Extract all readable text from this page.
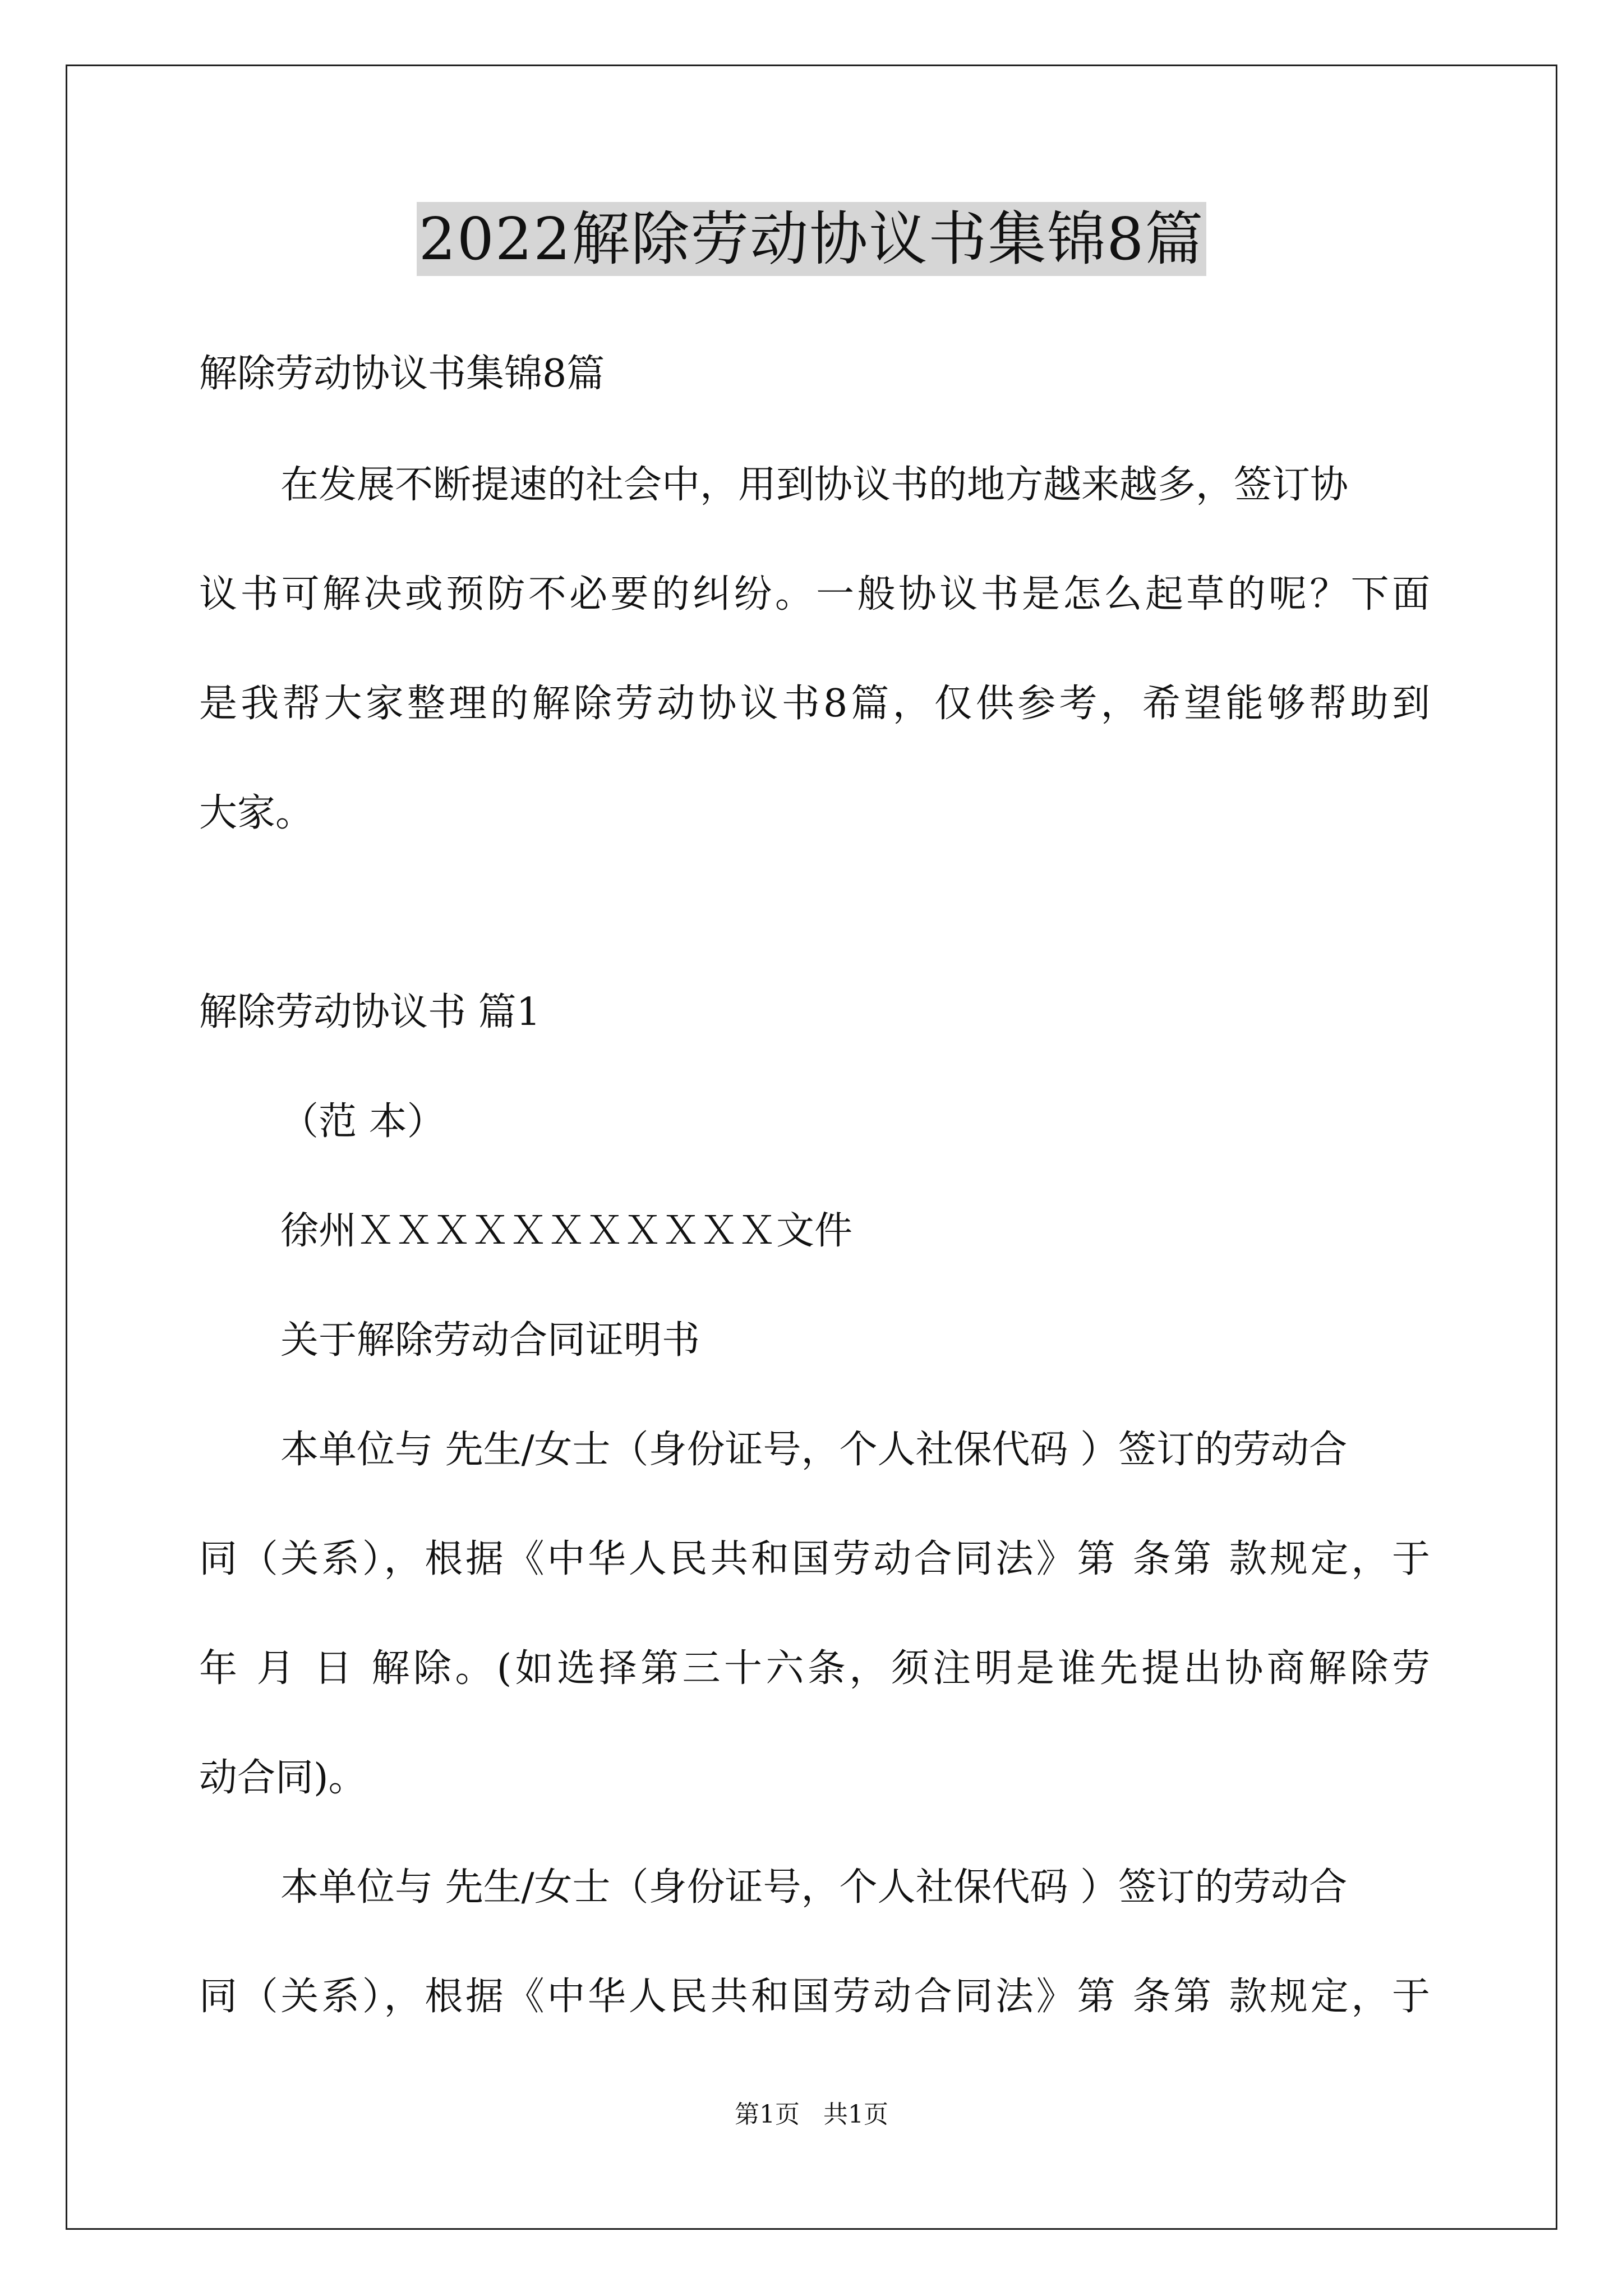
2022解除劳动协议书集锦8篇
解除劳动协议书集锦8篇
在发展不断提速的社会中，用到协议书的地方越来越多，签订协
议书可解决或预防不必要的纠纷。一般协议书是怎么起草的呢？下面
是我帮大家整理的解除劳动协议书8篇，仅供参考，希望能够帮助到
大家。
解除劳动协议书 篇1
（范 本）
徐州ＸＸＸＸＸＸＸＸＸＸＸ文件
关于解除劳动合同证明书
本单位与 先生/女士（身份证号，个人社保代码 ）签订的劳动合
同（关系），根据《中华人民共和国劳动合同法》第 条第 款规定，于
年 月 日 解除。(如选择第三十六条，须注明是谁先提出协商解除劳
动合同)。
本单位与 先生/女士（身份证号，个人社保代码 ）签订的劳动合
同（关系），根据《中华人民共和国劳动合同法》第 条第 款规定，于
第1页   共1页
